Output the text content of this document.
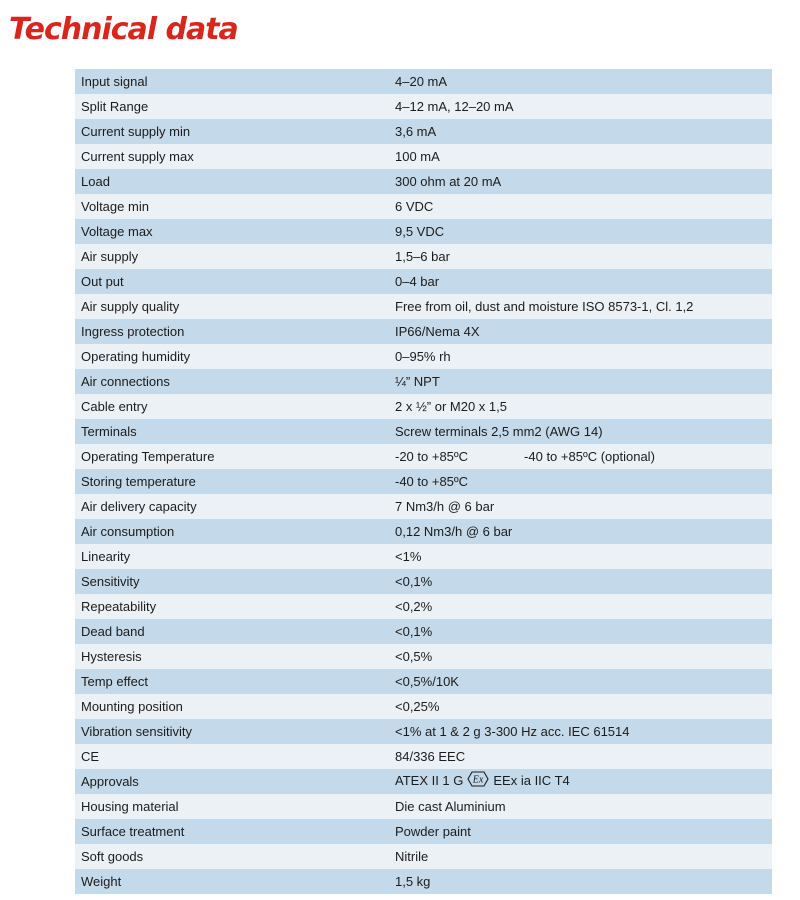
Technical data
Input signal	4–20 mA
Split Range	4–12 mA, 12–20 mA
Current supply min	3,6 mA
Current supply max	100 mA
Load	300 ohm at 20 mA
Voltage min	6 VDC
Voltage max	9,5 VDC
Air supply	1,5–6 bar
Out put	0–4 bar
Air supply quality	Free from oil, dust and moisture ISO 8573-1, Cl. 1,2
Ingress protection	IP66/Nema 4X
Operating humidity	0–95% rh
Air connections	¼” NPT
Cable entry	2 x ½” or M20 x 1,5
Terminals	Screw terminals 2,5 mm2 (AWG 14)
Operating Temperature	-20 to +85ºC -40 to +85ºC (optional)
Storing temperature	-40 to +85ºC
Air delivery capacity	7 Nm3/h @ 6 bar
Air consumption	0,12 Nm3/h @ 6 bar
Linearity	<1%
Sensitivity	<0,1%
Repeatability	<0,2%
Dead band	<0,1%
Hysteresis	<0,5%
Temp effect	<0,5%/10K
Mounting position	<0,25%
Vibration sensitivity	<1% at 1 & 2 g 3-300 Hz acc. IEC 61514
CE	84/336 EEC
Approvals	ATEX II 1 G Ex EEx ia IIC T4
Housing material	Die cast Aluminium
Surface treatment	Powder paint
Soft goods	Nitrile
Weight	1,5 kg
